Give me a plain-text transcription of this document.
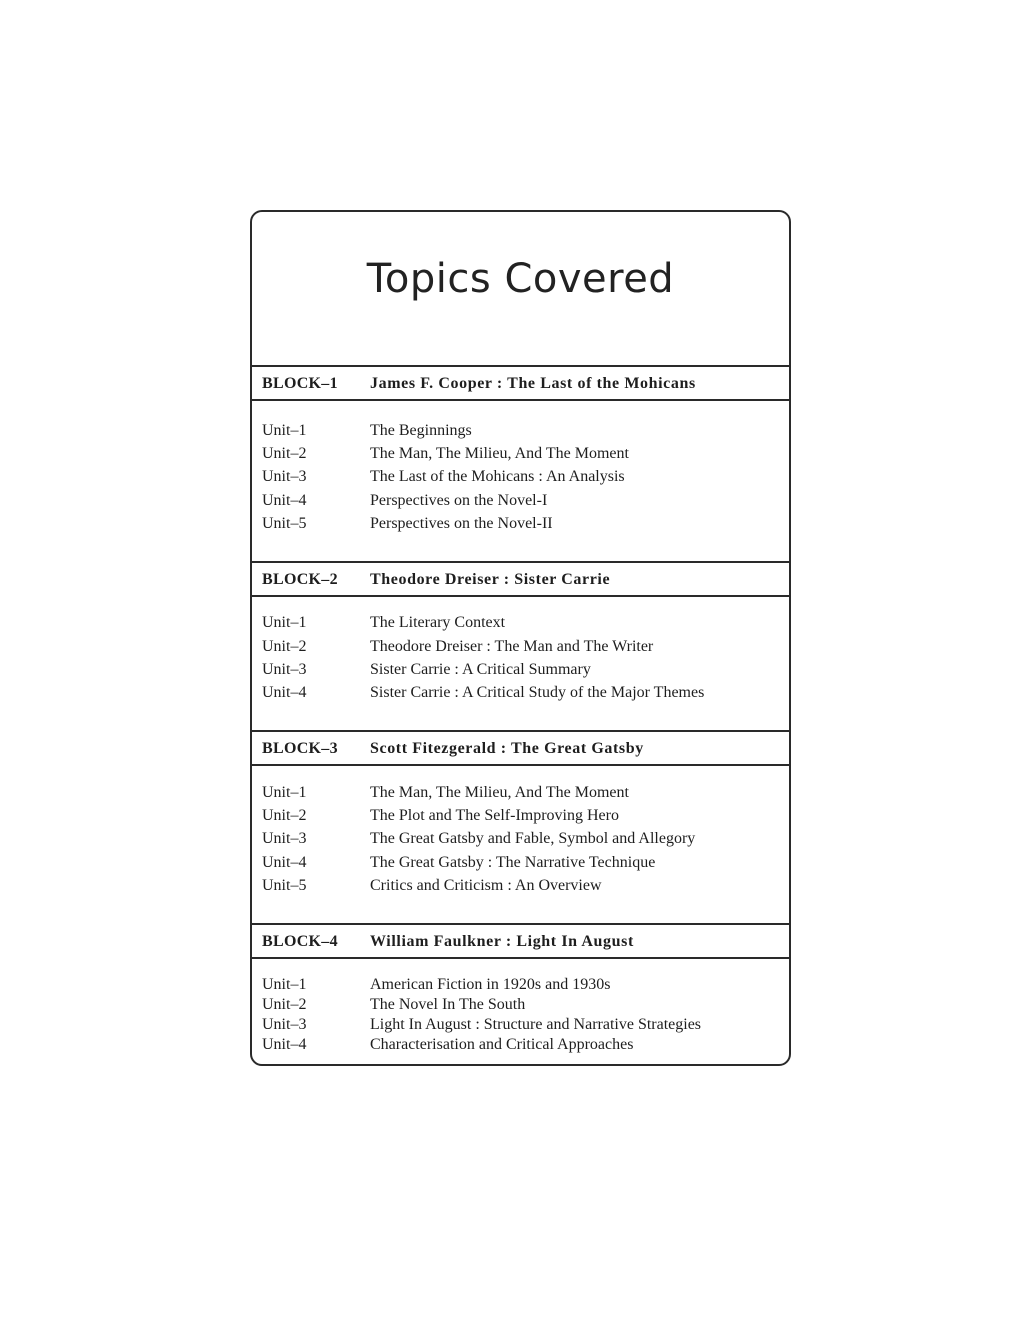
Topics Covered
BLOCK–1 James F. Cooper : The Last of the Mohicans
Unit–1	The Beginnings
Unit–2	The Man, The Milieu, And The Moment
Unit–3	The Last of the Mohicans : An Analysis
Unit–4	Perspectives on the Novel-I
Unit–5	Perspectives on the Novel-II
BLOCK–2 Theodore Dreiser : Sister Carrie
Unit–1	The Literary Context
Unit–2	Theodore Dreiser : The Man and The Writer
Unit–3	Sister Carrie : A Critical Summary
Unit–4	Sister Carrie : A Critical Study of the Major Themes
BLOCK–3 Scott Fitezgerald : The Great Gatsby
Unit–1	The Man, The Milieu, And The Moment
Unit–2	The Plot and The Self-Improving Hero
Unit–3	The Great Gatsby and Fable, Symbol and Allegory
Unit–4	The Great Gatsby : The Narrative Technique
Unit–5	Critics and Criticism : An Overview
BLOCK–4 William Faulkner : Light In August
Unit–1	American Fiction in 1920s and 1930s
Unit–2	The Novel In The South
Unit–3	Light In August : Structure and Narrative Strategies
Unit–4	Characterisation and Critical Approaches
